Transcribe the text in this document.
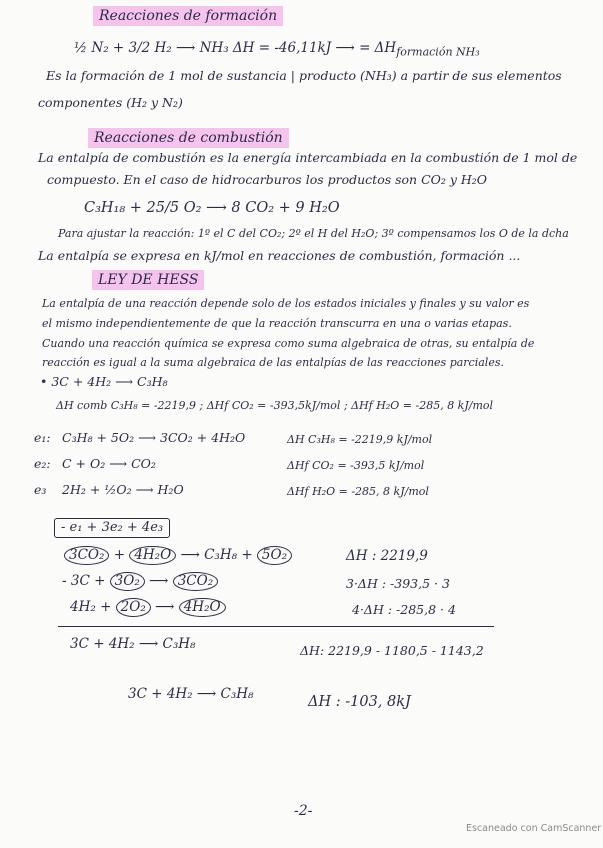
Reacciones de formación
½ N₂ + 3/2 H₂ ⟶ NH₃ ΔH = -46,11kJ ⟶ = $\Delta H_{formación NH_3}$
Es la formación de 1 mol de sustancia | producto (NH₃) a partir de sus elementos
componentes (H₂ y N₂)
Reacciones de combustión
La entalpía de combustión es la energía intercambiada en la combustión de 1 mol de
compuesto. En el caso de hidrocarburos los productos son CO₂ y H₂O
C₃H₁₈ + 25/5 O₂ ⟶ 8 CO₂ + 9 H₂O
Para ajustar la reacción: 1º el C del CO₂; 2º el H del H₂O; 3º compensamos los O de la dcha
La entalpía se expresa en kJ/mol en reacciones de combustión, formación ...
LEY DE HESS
La entalpía de una reacción depende solo de los estados iniciales y finales y su valor es
el mismo independientemente de que la reacción transcurra en una o varias etapas.
Cuando una reacción química se expresa como suma algebraica de otras, su entalpía de
reacción es igual a la suma algebraica de las entalpías de las reacciones parciales.
• 3C + 4H₂ ⟶ C₃H₈
ΔH comb C₃H₈ = -2219,9 ; ΔHf CO₂ = -393,5kJ/mol ; ΔHf H₂O = -285, 8 kJ/mol
e₁: C₃H₈ + 5O₂ ⟶ 3CO₂ + 4H₂O	ΔH C₃H₈ = -2219,9 kJ/mol
e₂: C + O₂ ⟶ CO₂	ΔHf CO₂ = -393,5 kJ/mol
e₃ 2H₂ + ½O₂ ⟶ H₂O	ΔHf H₂O = -285, 8 kJ/mol
- e₁ + 3e₂ + 4e₃
3CO₂ + 4H₂O ⟶ C₃H₈ + 5O₂	ΔH : 2219,9
- 3C + 3O₂ ⟶ 3CO₂	3·ΔH : -393,5 · 3
4H₂ + 2O₂ ⟶ 4H₂O	4·ΔH : -285,8 · 4
3C + 4H₂ ⟶ C₃H₈	ΔH: 2219,9 - 1180,5 - 1143,2
3C + 4H₂ ⟶ C₃H₈	ΔH : -103, 8kJ
-2-
Escaneado con CamScanner
